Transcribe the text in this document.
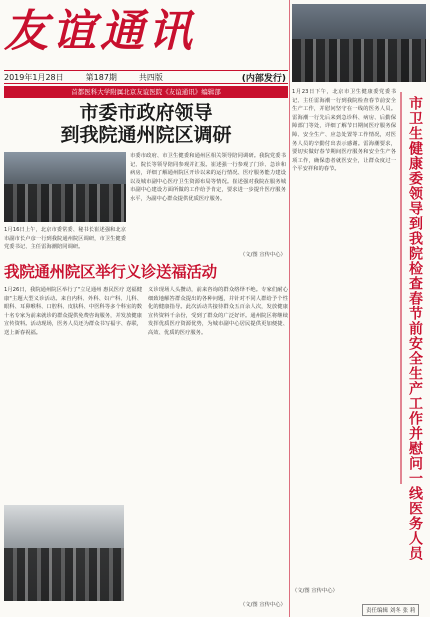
友谊通讯
2019年1月28日	第187期	共四版	(内部发行)
首都医科大学附属北京友谊医院《友谊通讯》编辑部
市委市政府领导
到我院通州院区调研
1月16日上午，北京市委常委、秘书长崔述强和北京市副市长卢彦一行到我院通州院区调研，市卫生健委党委书记、主任雷海潮陪同调研。
市委市政府、市卫生健委和通州区相关领导陪同调研。我院党委书记、院长等领导陪同参观并汇报。崔述强一行参观了门诊、急诊和病房，详细了解通州院区开诊以来的运行情况、医疗服务能力建设以及城市副中心医疗卫生资源布局等情况。崔述强对我院在服务城市副中心建设方面所做的工作给予肯定，要求进一步提升医疗服务水平，为副中心群众提供优质医疗服务。
（文/图 宣传中心）
我院通州院区举行义诊送福活动
1月26日，我院通州院区举行了"立足通州 惠民医疗 送福健康"主题大型义诊活动。来自内科、外科、妇产科、儿科、眼科、耳鼻喉科、口腔科、皮肤科、中医科等多个科室的数十名专家为前来就诊的群众提供免费咨询服务，并发放健康宣传资料。活动现场，医务人员还为群众书写福字、春联，送上新春祝福。
义诊现场人头攒动，前来咨询的群众络绎不绝。专家们耐心细致地解答群众提出的各种问题，并针对不同人群给予个性化的健康指导。此次活动共接待群众五百余人次，发放健康宣传资料千余份，受到了群众的广泛好评。通州院区将继续发挥优质医疗资源优势，为城市副中心居民提供更加便捷、高效、优质的医疗服务。
（文/图 宣传中心）
1月23日下午，北京市卫生健康委党委书记、主任雷海潮一行到我院检查春节前安全生产工作，并慰问坚守在一线的医务人员。雷海潮一行先后来到急诊科、病房、后勤保障部门等处，详细了解节日期间医疗服务保障、安全生产、应急处置等工作情况，对医务人员的辛勤付出表示感谢。雷海潮要求，要切实做好春节期间医疗服务和安全生产各项工作，确保患者就医安全，让群众度过一个平安祥和的春节。
（文/图 宣传中心）
市卫生健康委领导到我院检查春节前安全生产工作并慰问一线医务人员
责任编辑 刘冬 张 莉
